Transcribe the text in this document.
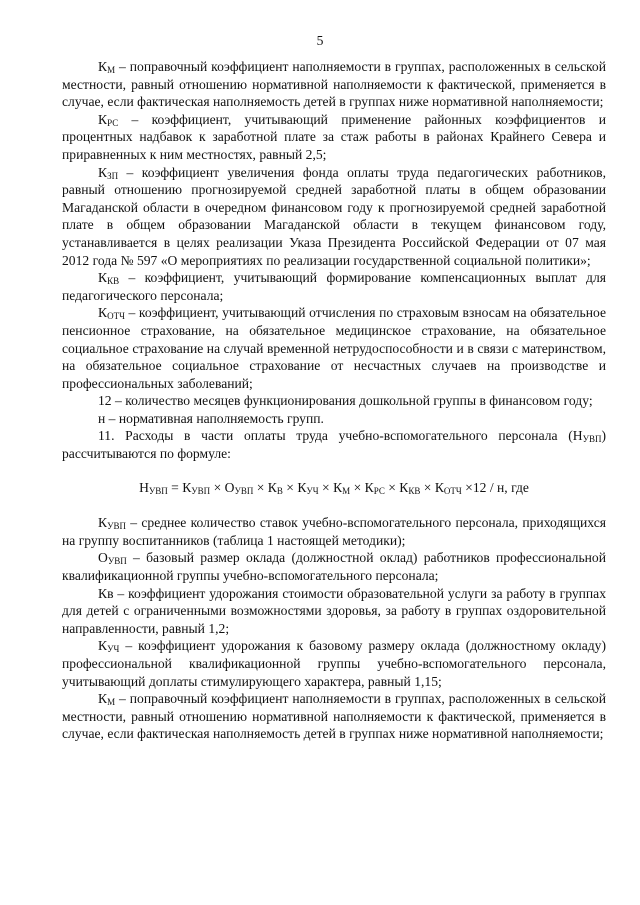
5

$К_М$ – поправочный коэффициент наполняемости в группах, расположенных в сельской местности, равный отношению нормативной наполняемости к фактической, применяется в случае, если фактическая наполняемость детей в группах ниже нормативной наполняемости;

$К_{РС}$ – коэффициент, учитывающий применение районных коэффициентов и процентных надбавок к заработной плате за стаж работы в районах Крайнего Севера и приравненных к ним местностях, равный 2,5;

$К_{ЗП}$ – коэффициент увеличения фонда оплаты труда педагогических работников, равный отношению прогнозируемой средней заработной платы в общем образовании Магаданской области в очередном финансовом году к прогнозируемой средней заработной плате в общем образовании Магаданской области в текущем финансовом году, устанавливается в целях реализации Указа Президента Российской Федерации от 07 мая 2012 года № 597 «О мероприятиях по реализации государственной социальной политики»;

$К_{КВ}$ – коэффициент, учитывающий формирование компенсационных выплат для педагогического персонала;

$К_{ОТЧ}$ – коэффициент, учитывающий отчисления по страховым взносам на обязательное пенсионное страхование, на обязательное медицинское страхование, на обязательное социальное страхование на случай временной нетрудоспособности и в связи с материнством, на обязательное социальное страхование от несчастных случаев на производстве и профессиональных заболеваний;

12 – количество месяцев функционирования дошкольной группы в финансовом году;

н – нормативная наполняемость групп.

11. Расходы в части оплаты труда учебно-вспомогательного персонала $(Н_{УВП})$ рассчитываются по формуле:

$Н_{УВП} = К_{УВП} \times О_{УВП} \times К_В \times К_{УЧ} \times К_М \times К_{РС} \times К_{КВ} \times К_{ОТЧ} \times 12 / н$, где

$К_{УВП}$ – среднее количество ставок учебно-вспомогательного персонала, приходящихся на группу воспитанников (таблица 1 настоящей методики);

$О_{УВП}$ – базовый размер оклада (должностной оклад) работников профессиональной квалификационной группы учебно-вспомогательного персонала;

Кв – коэффициент удорожания стоимости образовательной услуги за работу в группах для детей с ограниченными возможностями здоровья, за работу в группах оздоровительной направленности, равный 1,2;

$К_{УЧ}$ – коэффициент удорожания к базовому размеру оклада (должностному окладу) профессиональной квалификационной группы учебно-вспомогательного персонала, учитывающий доплаты стимулирующего характера, равный 1,15;

$К_М$ – поправочный коэффициент наполняемости в группах, расположенных в сельской местности, равный отношению нормативной наполняемости к фактической, применяется в случае, если фактическая наполняемость детей в группах ниже нормативной наполняемости;
